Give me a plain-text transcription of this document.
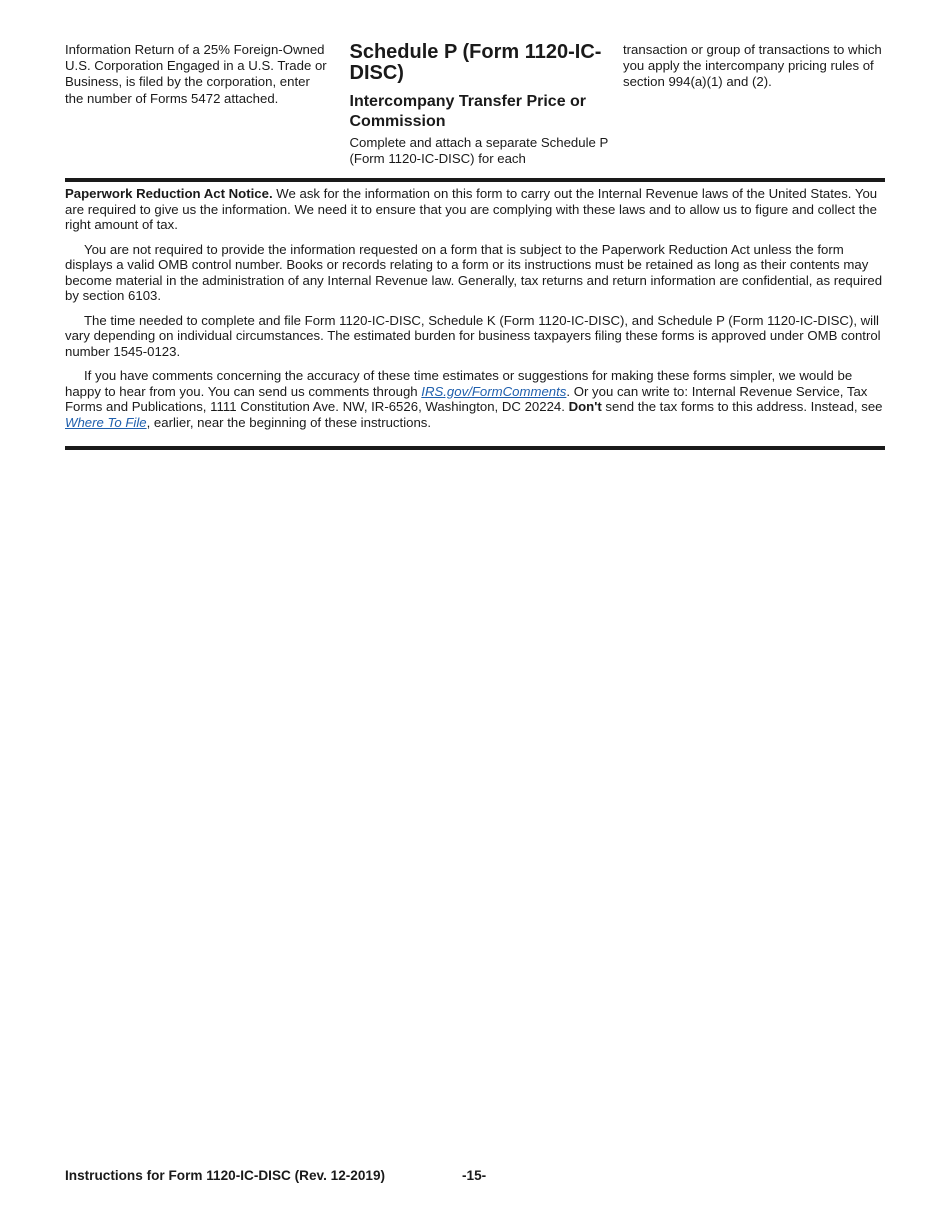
Information Return of a 25% Foreign-Owned U.S. Corporation Engaged in a U.S. Trade or Business, is filed by the corporation, enter the number of Forms 5472 attached.
Schedule P (Form 1120-IC-DISC)
Intercompany Transfer Price or Commission
Complete and attach a separate Schedule P (Form 1120-IC-DISC) for each
transaction or group of transactions to which you apply the intercompany pricing rules of section 994(a)(1) and (2).

Paperwork Reduction Act Notice. We ask for the information on this form to carry out the Internal Revenue laws of the United States. You are required to give us the information. We need it to ensure that you are complying with these laws and to allow us to figure and collect the right amount of tax.

You are not required to provide the information requested on a form that is subject to the Paperwork Reduction Act unless the form displays a valid OMB control number. Books or records relating to a form or its instructions must be retained as long as their contents may become material in the administration of any Internal Revenue law. Generally, tax returns and return information are confidential, as required by section 6103.

The time needed to complete and file Form 1120-IC-DISC, Schedule K (Form 1120-IC-DISC), and Schedule P (Form 1120-IC-DISC), will vary depending on individual circumstances. The estimated burden for business taxpayers filing these forms is approved under OMB control number 1545-0123.

If you have comments concerning the accuracy of these time estimates or suggestions for making these forms simpler, we would be happy to hear from you. You can send us comments through IRS.gov/FormComments. Or you can write to: Internal Revenue Service, Tax Forms and Publications, 1111 Constitution Ave. NW, IR-6526, Washington, DC 20224. Don't send the tax forms to this address. Instead, see Where To File, earlier, near the beginning of these instructions.

Instructions for Form 1120-IC-DISC (Rev. 12-2019)	-15-
